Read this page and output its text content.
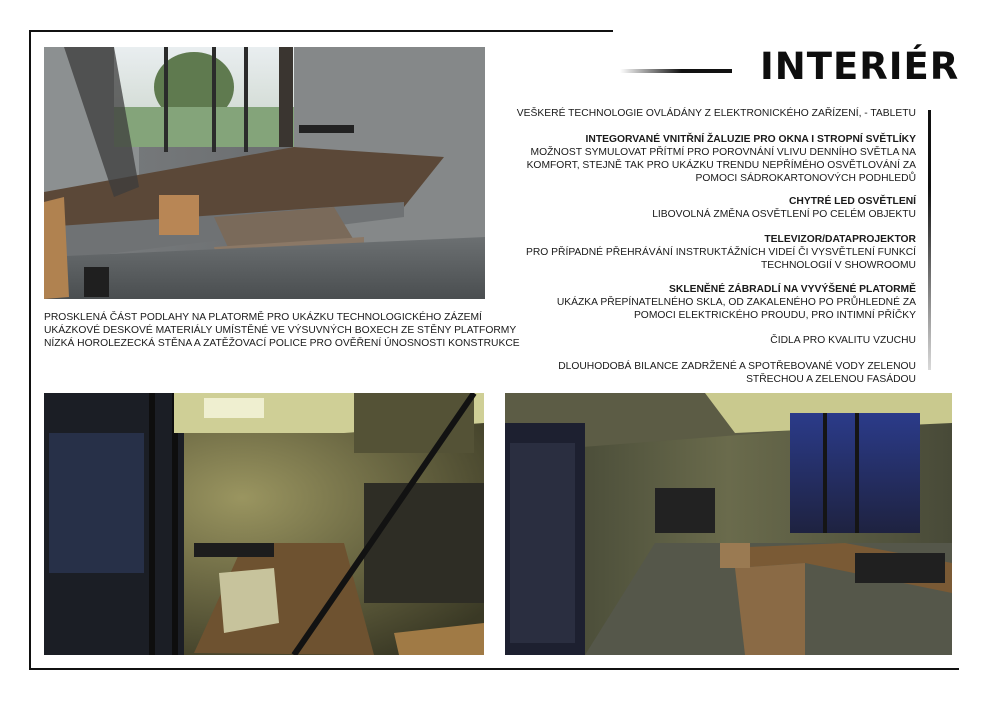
INTERIÉR
VEŠKERÉ TECHNOLOGIE OVLÁDÁNY Z ELEKTRONICKÉHO ZAŘÍZENÍ, - TABLETU
INTEGORVANÉ VNITŘNÍ ŽALUZIE PRO OKNA I STROPNÍ SVĚTLÍKY
MOŽNOST SYMULOVAT PŘÍTMÍ PRO POROVNÁNÍ VLIVU DENNÍHO SVĚTLA NA KOMFORT, STEJNĚ TAK PRO UKÁZKU TRENDU NEPŘÍMÉHO OSVĚTLOVÁNÍ ZA POMOCI SÁDROKARTONOVÝCH PODHLEDŮ
CHYTRÉ LED OSVĚTLENÍ
LIBOVOLNÁ ZMĚNA OSVĚTLENÍ PO CELÉM OBJEKTU
TELEVIZOR/DATAPROJEKTOR
PRO PŘÍPADNÉ PŘEHRÁVÁNÍ INSTRUKTÁŽNÍCH VIDEÍ ČI VYSVĚTLENÍ FUNKCÍ TECHNOLOGIÍ V SHOWROOMU
SKLENĚNÉ ZÁBRADLÍ NA VYVÝŠENÉ PLATORMĚ
UKÁZKA PŘEPÍNATELNÉHO SKLA, OD ZAKALENÉHO PO PRŮHLEDNÉ ZA POMOCI ELEKTRICKÉHO PROUDU, PRO INTIMNÍ PŘÍČKY
ČIDLA PRO KVALITU VZUCHU
DLOUHODOBÁ BILANCE ZADRŽENÉ A SPOTŘEBOVANÉ VODY ZELENOU STŘECHOU A ZELENOU FASÁDOU
PROSKLENÁ ČÁST PODLAHY NA PLATORMĚ PRO UKÁZKU TECHNOLOGICKÉHO ZÁZEMÍ
UKÁZKOVÉ DESKOVÉ MATERIÁLY UMÍSTĚNÉ VE VÝSUVNÝCH BOXECH ZE STĚNY PLATFORMY
NÍZKÁ HOROLEZECKÁ STĚNA A ZATĚŽOVACÍ POLICE PRO OVĚŘENÍ ÚNOSNOSTI KONSTRUKCE
